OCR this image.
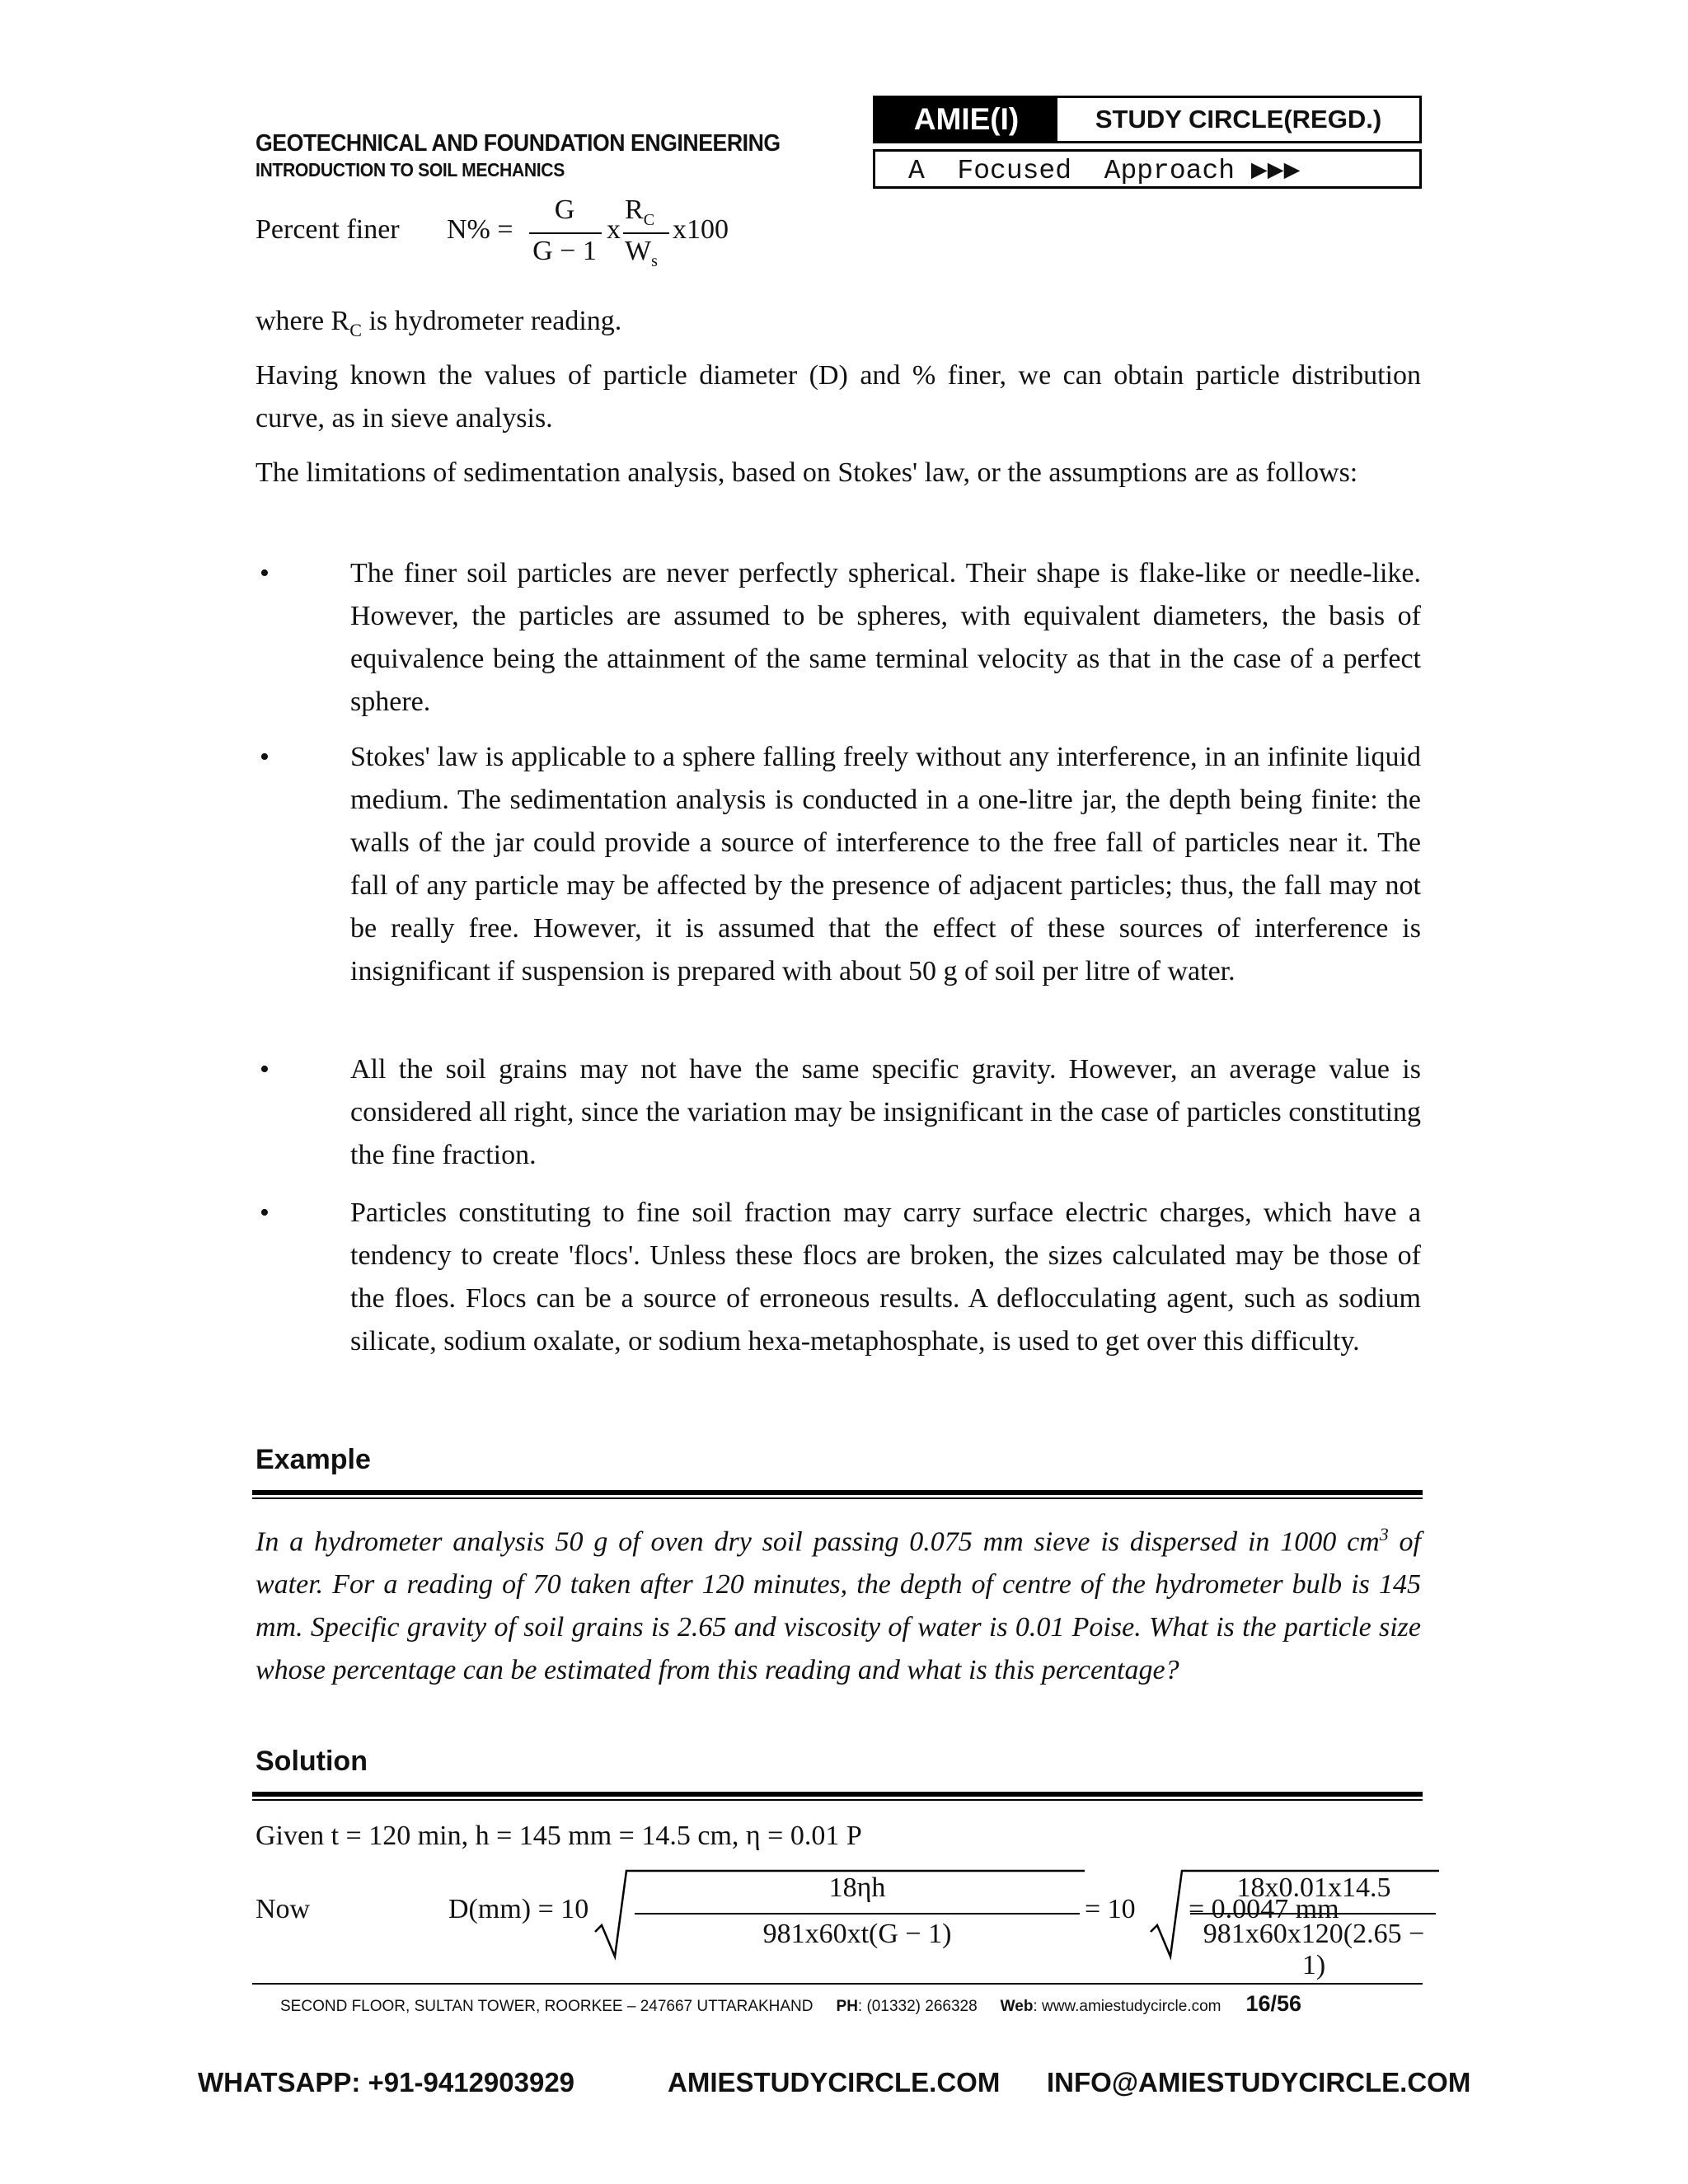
GEOTECHNICAL AND FOUNDATION ENGINEERING
INTRODUCTION TO SOIL MECHANICS
AMIE(I)	STUDY CIRCLE(REGD.)
A  Focused  Approach ▶▶▶
Percent finer N% =
G
G − 1
x
$R_C$
$W_s$
x100
where $R_C$ is hydrometer reading.
Having known the values of particle diameter (D) and % finer, we can obtain particle distribution curve, as in sieve analysis.
The limitations of sedimentation analysis, based on Stokes' law, or the assumptions are as follows:
•	The finer soil particles are never perfectly spherical. Their shape is flake-like or needle-like. However, the particles are assumed to be spheres, with equivalent diameters, the basis of equivalence being the attainment of the same terminal velocity as that in the case of a perfect sphere.
•	Stokes' law is applicable to a sphere falling freely without any interference, in an infinite liquid medium. The sedimentation analysis is conducted in a one-litre jar, the depth being finite: the walls of the jar could provide a source of interference to the free fall of particles near it. The fall of any particle may be affected by the presence of adjacent particles; thus, the fall may not be really free. However, it is assumed that the effect of these sources of interference is insignificant if suspension is prepared with about 50 g of soil per litre of water.
•	All the soil grains may not have the same specific gravity. However, an average value is considered all right, since the variation may be insignificant in the case of particles constituting the fine fraction.
•	Particles constituting to fine soil fraction may carry surface electric charges, which have a tendency to create 'flocs'. Unless these flocs are broken, the sizes calculated may be those of the floes. Flocs can be a source of erroneous results. A deflocculating agent, such as sodium silicate, sodium oxalate, or sodium hexa-metaphosphate, is used to get over this difficulty.
Example
In a hydrometer analysis 50 g of oven dry soil passing 0.075 mm sieve is dispersed in 1000 $cm^3$ of water. For a reading of 70 taken after 120 minutes, the depth of centre of the hydrometer bulb is 145 mm. Specific gravity of soil grains is 2.65 and viscosity of water is 0.01 Poise. What is the particle size whose percentage can be estimated from this reading and what is this percentage?
Solution
Given t = 120 min, h = 145 mm = 14.5 cm, η = 0.01 P
Now	D(mm) = 10
18ηh
981x60xt(G − 1)
= 10
18x0.01x14.5
981x60x120(2.65 − 1)
= 0.0047 mm
SECOND FLOOR, SULTAN TOWER, ROORKEE – 247667 UTTARAKHAND PH: (01332) 266328 Web: www.amiestudycircle.com 16/56
WHATSAPP: +91-9412903929	AMIESTUDYCIRCLE.COM INFO@AMIESTUDYCIRCLE.COM
